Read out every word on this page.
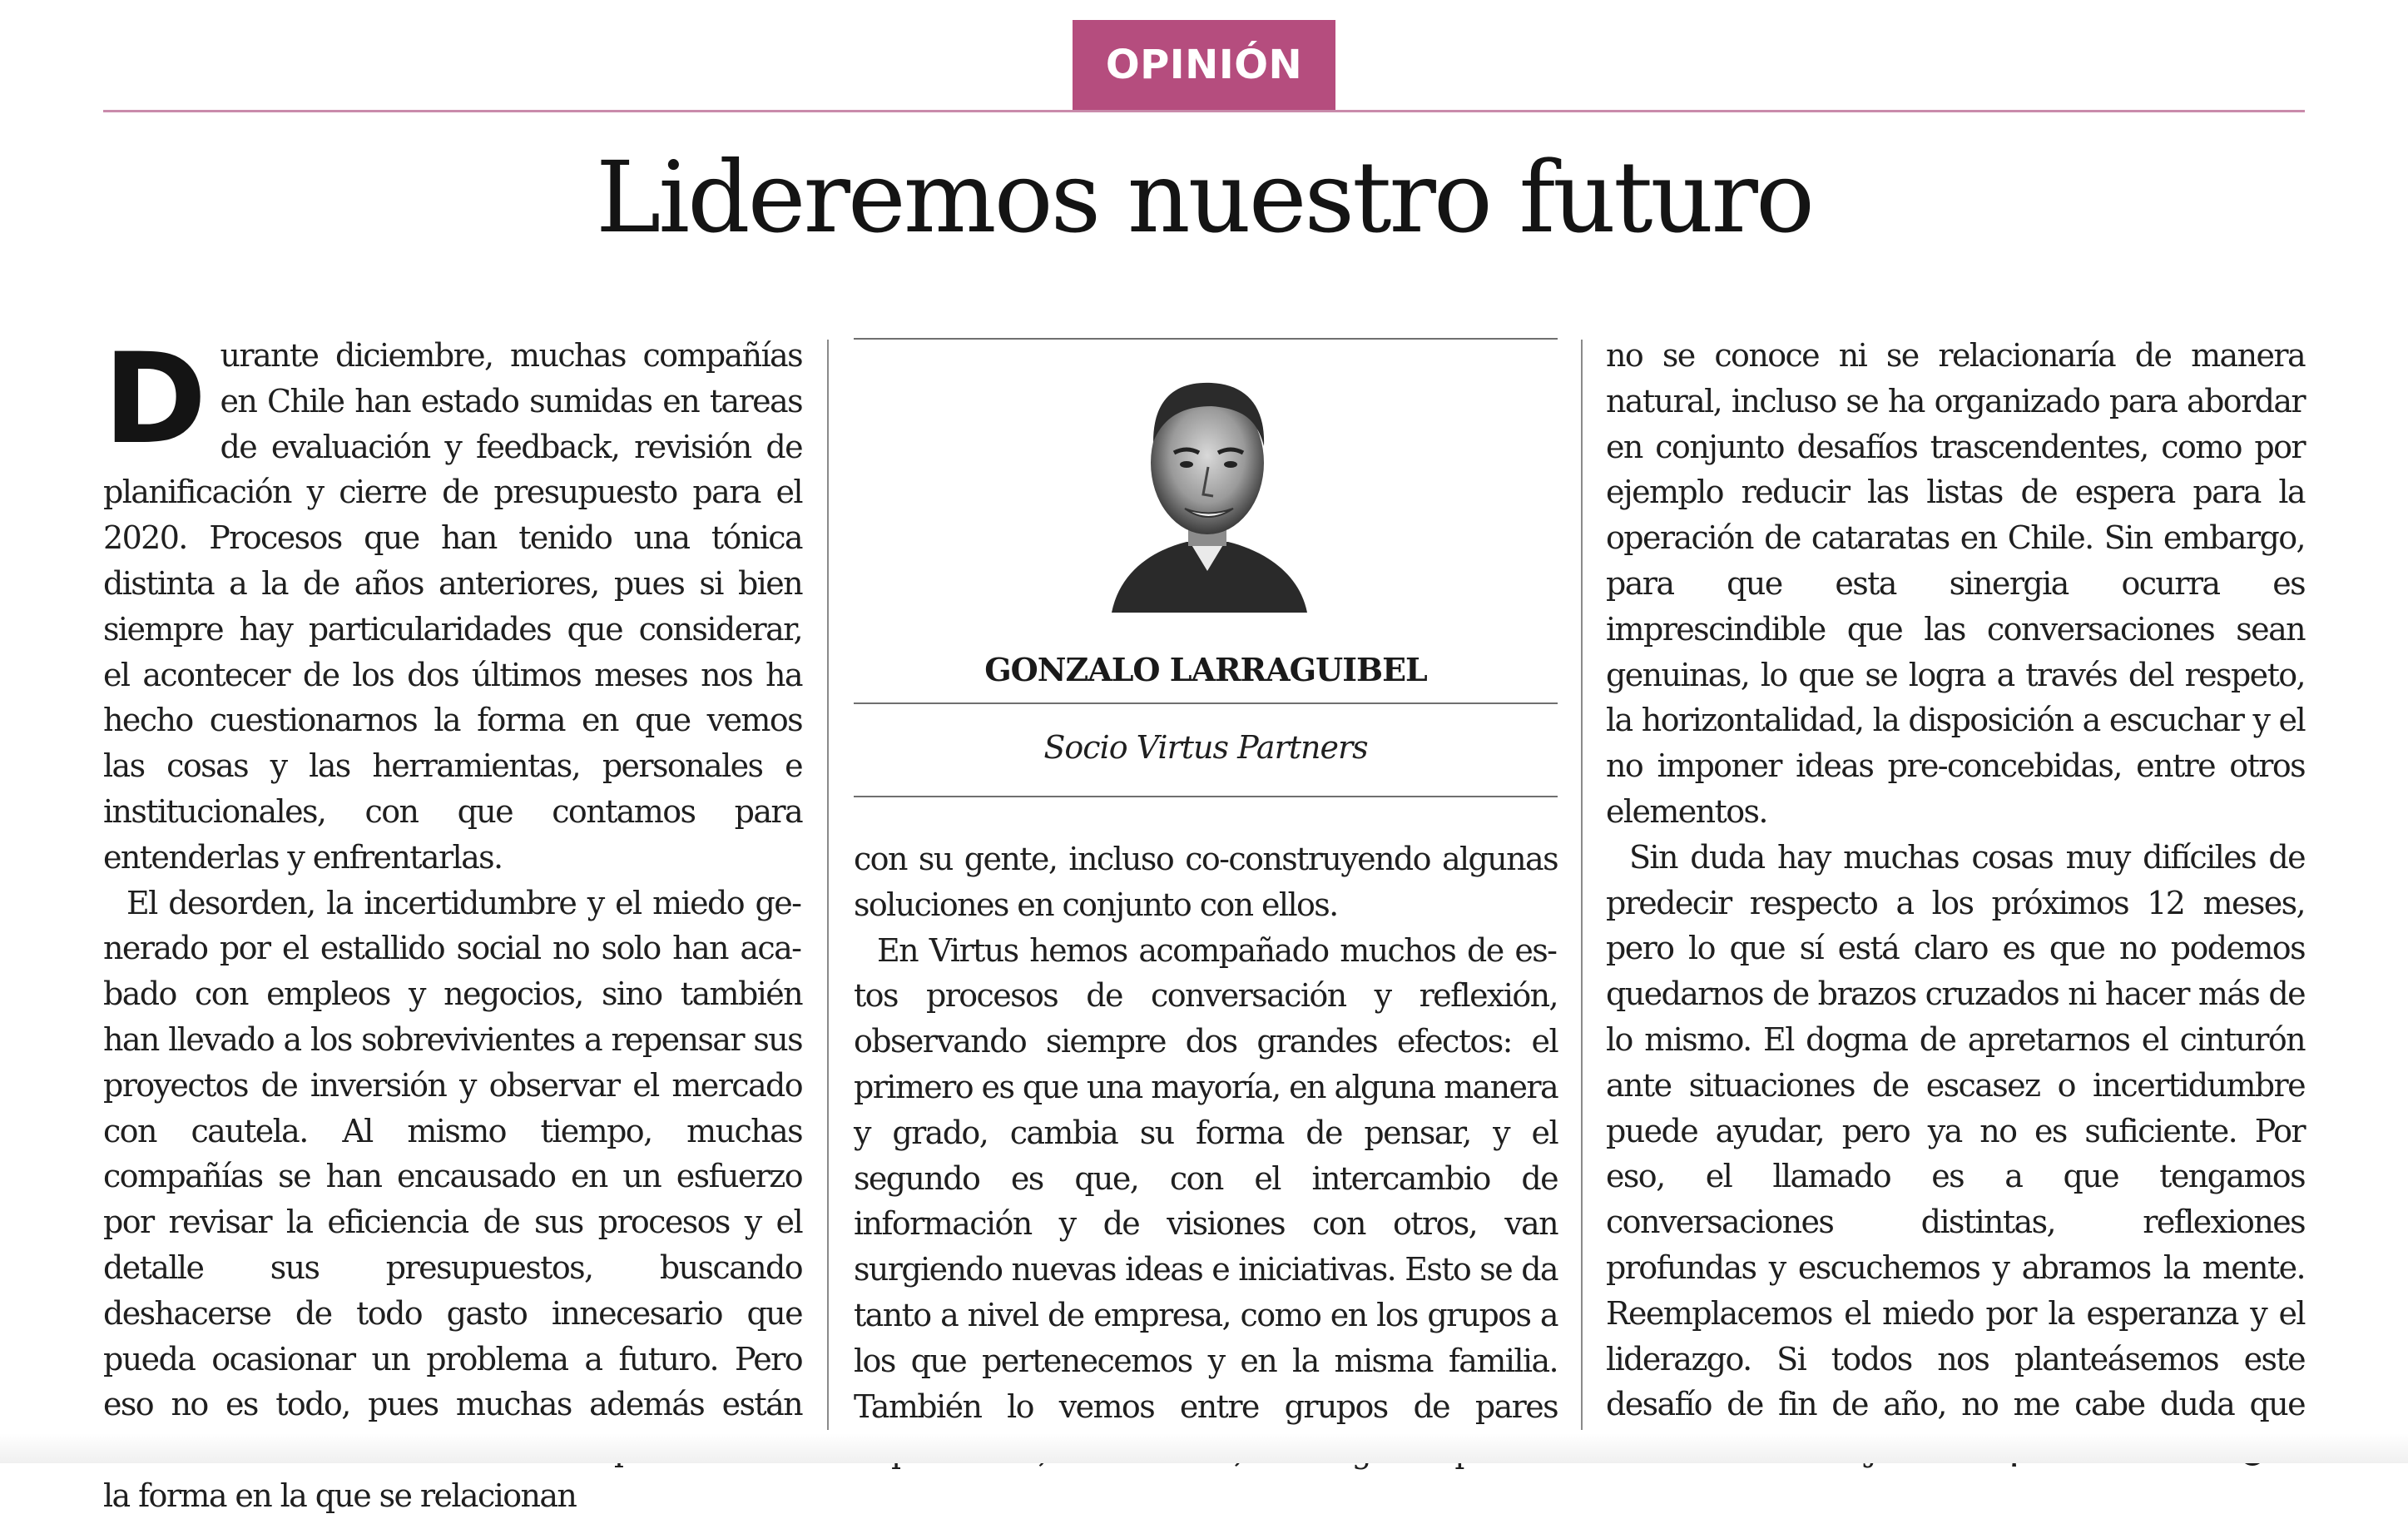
OPINIÓN
Lideremos nuestro futuro
D urante diciembre, muchas compañías en Chile han estado sumidas en tareas de evaluación y feedback, revisión de planificación y cierre de presupuesto para el 2020. Procesos que han tenido una tónica distinta a la de años anteriores, pues si bien siempre hay particularidades que considerar, el acontecer de los dos últimos meses nos ha hecho cuestionarnos la forma en que vemos las cosas y las herramientas, personales e institucionales, con que contamos para entenderlas y enfrentarlas.

El desorden, la incertidumbre y el miedo generado por el estallido social no solo han acabado con empleos y negocios, sino también han llevado a los sobrevivientes a repensar sus proyectos de inversión y observar el mercado con cautela. Al mismo tiempo, muchas compañías se han encausado en un esfuerzo por revisar la eficiencia de sus procesos y el detalle sus presupuestos, buscando deshacerse de todo gasto innecesario que pueda ocasionar un problema a futuro. Pero eso no es todo, pues muchas además están la forma en la que se relacionan

GONZALO LARRAGUIBEL
Socio Virtus Partners

con su gente, incluso co-construyendo algunas soluciones en conjunto con ellos.

En Virtus hemos acompañado muchos de estos procesos de conversación y reflexión, observando siempre dos grandes efectos: el primero es que una mayoría, en alguna manera y grado, cambia su forma de pensar, y el segundo es que, con el intercambio de información y de visiones con otros, van surgiendo nuevas ideas e iniciativas. Esto se da tanto a nivel de empresa, como en los grupos a los que pertenecemos y en la misma familia. También lo vemos entre grupos de pares

no se conoce ni se relacionaría de manera natural, incluso se ha organizado para abordar en conjunto desafíos trascendentes, como por ejemplo reducir las listas de espera para la operación de cataratas en Chile. Sin embargo, para que esta sinergia ocurra es imprescindible que las conversaciones sean genuinas, lo que se logra a través del respeto, la horizontalidad, la disposición a escuchar y el no imponer ideas pre-concebidas, entre otros elementos.

Sin duda hay muchas cosas muy difíciles de predecir respecto a los próximos 12 meses, pero lo que sí está claro es que no podemos quedarnos de brazos cruzados ni hacer más de lo mismo. El dogma de apretarnos el cinturón ante situaciones de escasez o incertidumbre puede ayudar, pero ya no es suficiente. Por eso, el llamado es a que tengamos conversaciones distintas, reflexiones profundas y escuchemos y abramos la mente. Reemplacemos el miedo por la esperanza y el liderazgo. Si todos nos planteásemos este desafío de fin de año, no me cabe duda que
